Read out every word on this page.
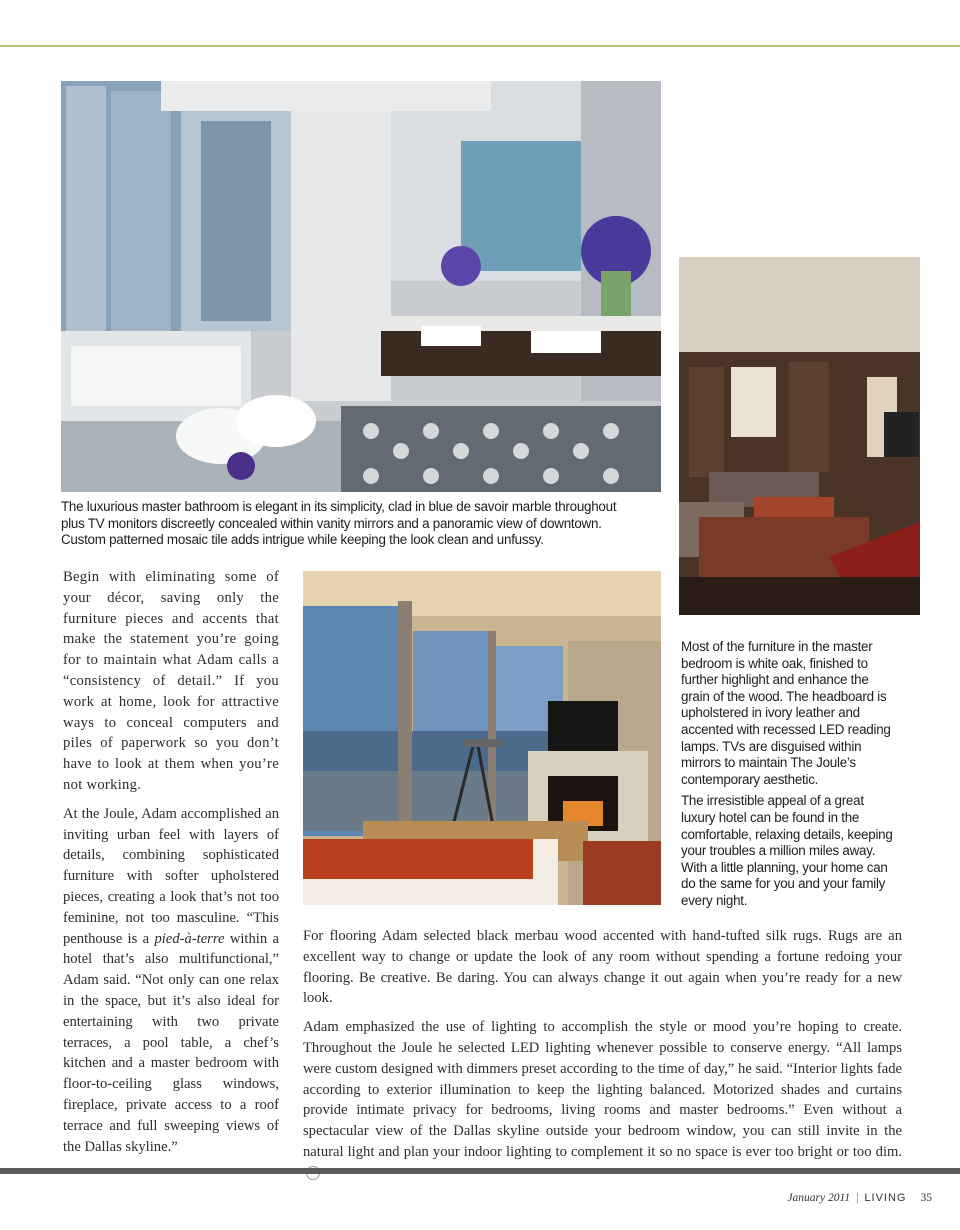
The luxurious master bathroom is elegant in its simplicity, clad in blue de savoir marble throughout plus TV monitors discreetly concealed within vanity mirrors and a panoramic view of downtown. Custom patterned mosaic tile adds intrigue while keeping the look clean and unfussy.

Most of the furniture in the master bedroom is white oak, finished to further highlight and enhance the grain of the wood. The headboard is upholstered in ivory leather and accented with recessed LED reading lamps. TVs are disguised within mirrors to maintain The Joule’s contemporary aesthetic.

The irresistible appeal of a great luxury hotel can be found in the comfortable, relaxing details, keeping your troubles a million miles away. With a little planning, your home can do the same for you and your family every night.

Begin with eliminating some of your décor, saving only the furniture pieces and accents that make the statement you’re going for to maintain what Adam calls a “consistency of detail.” If you work at home, look for attractive ways to conceal computers and piles of paperwork so you don’t have to look at them when you’re not working.

At the Joule, Adam accomplished an inviting urban feel with layers of details, combining sophisticated furniture with softer upholstered pieces, creating a look that’s not too feminine, not too masculine. “This penthouse is a pied-à-terre within a hotel that’s also multifunctional,” Adam said. “Not only can one relax in the space, but it’s also ideal for entertaining with two private terraces, a pool table, a chef’s kitchen and a master bedroom with floor-to-ceiling glass windows, fireplace, private access to a roof terrace and full sweeping views of the Dallas skyline.”

For flooring Adam selected black merbau wood accented with hand-tufted silk rugs. Rugs are an excellent way to change or update the look of any room without spending a fortune redoing your flooring. Be creative. Be daring. You can always change it out again when you’re ready for a new look.

Adam emphasized the use of lighting to accomplish the style or mood you’re hoping to create. Throughout the Joule he selected LED lighting whenever possible to conserve energy. “All lamps were custom designed with dimmers preset according to the time of day,” he said. “Interior lights fade according to exterior illumination to keep the lighting balanced. Motorized shades and curtains provide intimate privacy for bedrooms, living rooms and master bedrooms.” Even without a spectacular view of the Dallas skyline outside your bedroom window, you can still invite in the natural light and plan your indoor lighting to complement it so no space is ever too bright or too dim.

January 2011 | LIVING 35
